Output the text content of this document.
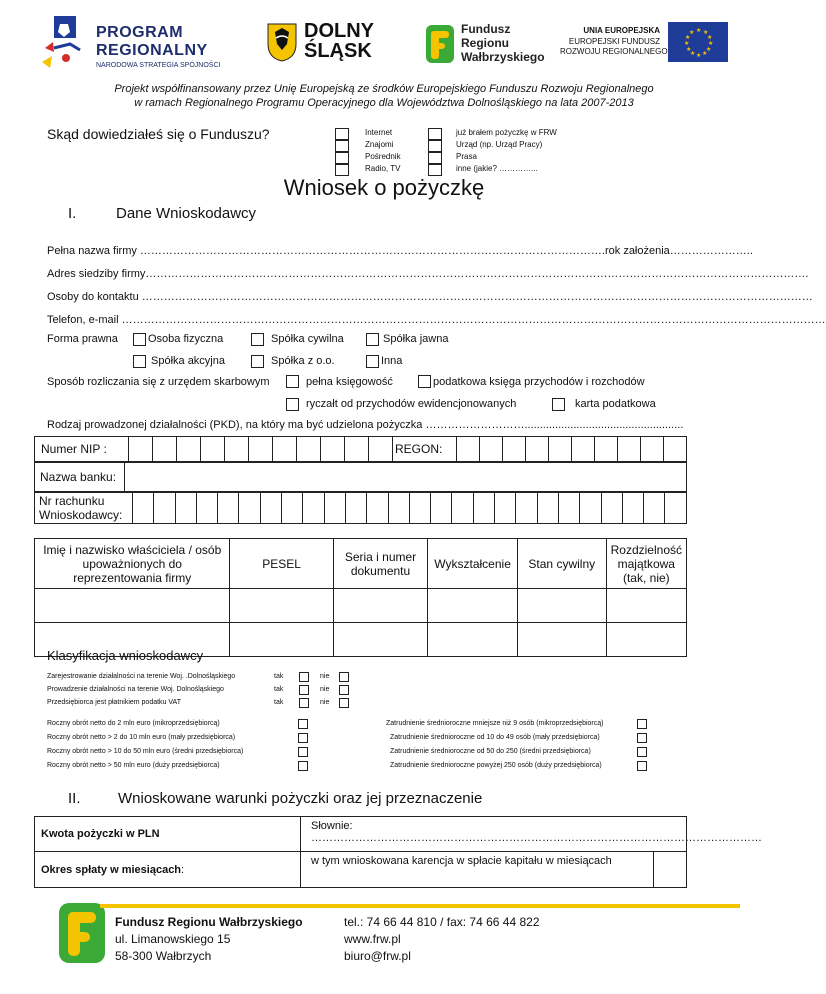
PROGRAM
REGIONALNY
NARODOWA STRATEGIA SPÓJNOŚCI
DOLNY
ŚLĄSK
Fundusz
Regionu
Wałbrzyskiego
UNIA EUROPEJSKA
EUROPEJSKI FUNDUSZ
ROZWOJU REGIONALNEGO
★ ★
★
★
★
★
★
★
★
★
★
★
Projekt współfinansowany przez Unię Europejską ze środków Europejskiego Funduszu Rozwoju Regionalnego
w ramach Regionalnego Programu Operacyjnego dla Województwa Dolnośląskiego na lata 2007-2013
Skąd dowiedziałeś się o Funduszu?	Internet
Znajomi
Pośrednik
Radio, TV
już brałem pożyczkę w FRW
Urząd (np. Urząd Pracy)
Prasa
inne (jakie? …………...
Wniosek o pożyczkę
I.	Dane Wnioskodawcy
Pełna nazwa firmy ……………………………………………………………………………………………………………….rok założenia…………………..
Adres siedziby firmy……………………………………………………………………………………………………………………………………………………………….
Osoby do kontaktu …………………………………………………………………………………………………………………………………………………………………
Telefon, e-mail …………………………………………………………………………………………………………………………………………………………………………
Forma prawna	Osoba fizyczna	Spółka cywilna	Spółka jawna
Spółka akcyjna	Spółka z o.o.	Inna
Sposób rozliczania się z urzędem skarbowym	pełna księgowość	podatkowa księga przychodów i rozchodów
ryczałt od przychodów ewidencjonowanych	karta podatkowa
Rodzaj prowadzonej działalności (PKD), na który ma być udzielona pożyczka ………………………....................................................
Numer NIP :												REGON:										
Nazwa banku:	
Nr rachunku
Wnioskodawcy:

Imię i nazwisko właściciela / osób upoważnionych do reprezentowania firmy	PESEL	Seria i numer dokumentu	Wykształcenie	Stan cywilny	Rozdzielność majątkowa (tak, nie)

Klasyfikacja wnioskodawcy
Zarejestrowanie działalności na terenie Woj. .Dolnośląskiego
Prowadzenie działalności na terenie Woj. Dolnośląskiego
Przedsiębiorca jest płatnikiem podatku VAT
tak	nie
tak	nie
tak	nie
Roczny obrót netto do 2 mln euro (mikroprzedsiębiorcą)
Roczny obrót netto > 2 do 10 mln euro (mały przedsiębiorca)
Roczny obrót netto > 10 do 50 mln euro (średni przedsiębiorca)
Roczny obrót netto > 50 mln euro (duży przedsiębiorca)
Zatrudnienie średnioroczne mniejsze niż 9 osób (mikroprzedsiębiorcą)
Zatrudnienie średnioroczne od 10 do 49 osób (mały przedsiębiorca)
Zatrudnienie średnioroczne od 50 do 250 (średni przedsiębiorca)
Zatrudnienie średnioroczne powyżej 250 osób (duży przedsiębiorca)
II. Wnioskowane warunki pożyczki oraz jej przeznaczenie
Kwota pożyczki w PLN	Słownie:
……………………………………………………………………………………………………………	

Okres spłaty w miesiącach:	w tym wnioskowana karencja w spłacie kapitału w miesiącach	

Fundusz Regionu Wałbrzyskiego
ul. Limanowskiego 15
58-300 Wałbrzych
tel.: 74 66 44 810 / fax: 74 66 44 822
www.frw.pl
biuro@frw.pl
